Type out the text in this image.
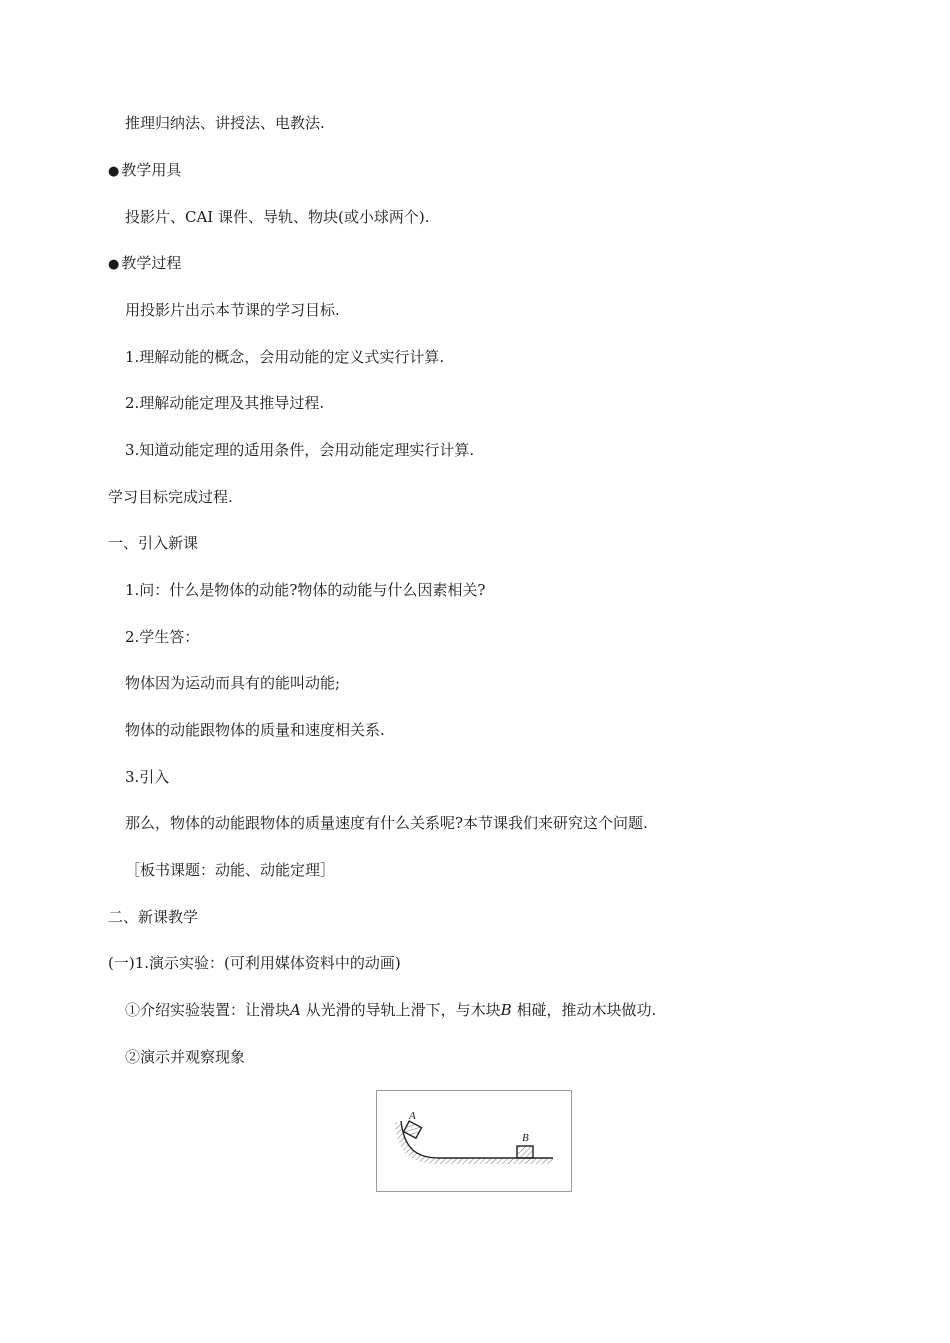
推理归纳法、讲授法、电教法.
● 教学用具
投影片、CAI 课件、导轨、物块(或小球两个).
● 教学过程
用投影片出示本节课的学习目标.
1.理解动能的概念，会用动能的定义式实行计算.
2.理解动能定理及其推导过程.
3.知道动能定理的适用条件，会用动能定理实行计算.
学习目标完成过程.
一、引入新课
1.问：什么是物体的动能?物体的动能与什么因素相关?
2.学生答：
物体因为运动而具有的能叫动能;
物体的动能跟物体的质量和速度相关系.
3.引入
那么，物体的动能跟物体的质量速度有什么关系呢?本节课我们来研究这个问题.
［板书课题：动能、动能定理］
二、新课教学
(一)1.演示实验：(可利用媒体资料中的动画)
①介绍实验装置：让滑块A 从光滑的导轨上滑下，与木块B 相碰，推动木块做功.
②演示并观察现象
A
B
